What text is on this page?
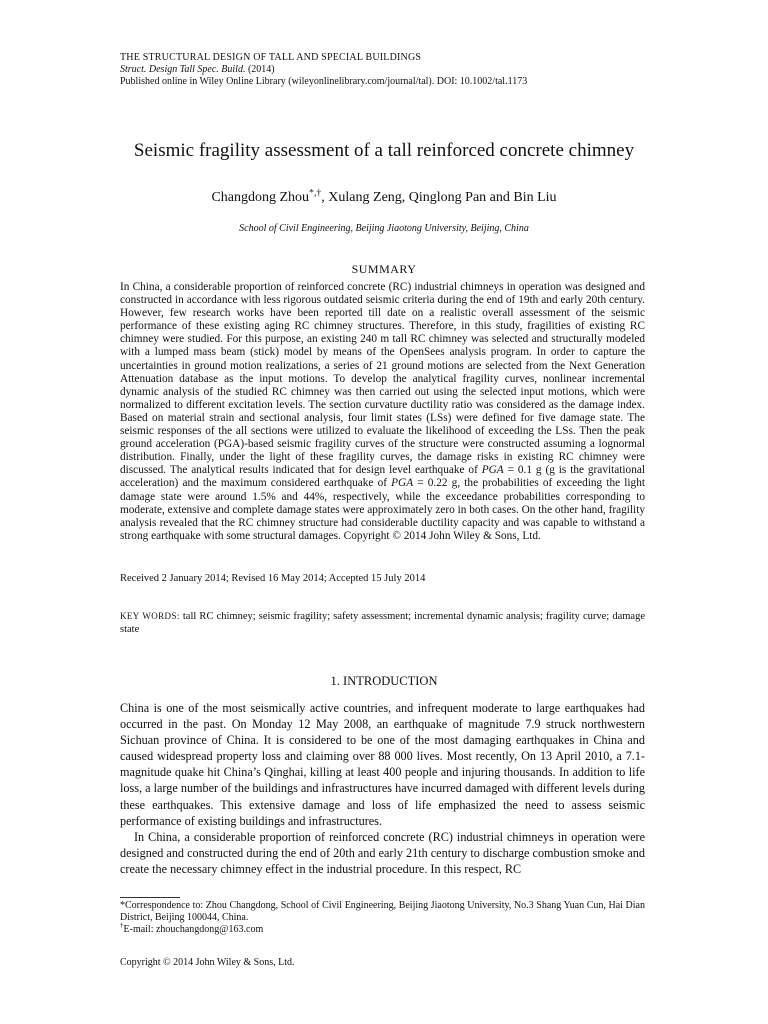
THE STRUCTURAL DESIGN OF TALL AND SPECIAL BUILDINGS
Struct. Design Tall Spec. Build. (2014)
Published online in Wiley Online Library (wileyonlinelibrary.com/journal/tal). DOI: 10.1002/tal.1173
Seismic fragility assessment of a tall reinforced concrete chimney
Changdong Zhou*,†, Xulang Zeng, Qinglong Pan and Bin Liu
School of Civil Engineering, Beijing Jiaotong University, Beijing, China
SUMMARY
In China, a considerable proportion of reinforced concrete (RC) industrial chimneys in operation was designed and constructed in accordance with less rigorous outdated seismic criteria during the end of 19th and early 20th century. However, few research works have been reported till date on a realistic overall assessment of the seismic performance of these existing aging RC chimney structures. Therefore, in this study, fragilities of existing RC chimney were studied. For this purpose, an existing 240 m tall RC chimney was selected and structurally modeled with a lumped mass beam (stick) model by means of the OpenSees analysis program. In order to capture the uncertainties in ground motion realizations, a series of 21 ground motions are selected from the Next Generation Attenuation database as the input motions. To develop the analytical fragility curves, nonlinear incremental dynamic analysis of the studied RC chimney was then carried out using the selected input motions, which were normalized to different excitation levels. The section curvature ductility ratio was considered as the damage index. Based on material strain and sectional analysis, four limit states (LSs) were defined for five damage state. The seismic responses of the all sections were utilized to evaluate the likelihood of exceeding the LSs. Then the peak ground acceleration (PGA)-based seismic fragility curves of the structure were constructed assuming a lognormal distribution. Finally, under the light of these fragility curves, the damage risks in existing RC chimney were discussed. The analytical results indicated that for design level earthquake of PGA = 0.1 g (g is the gravitational acceleration) and the maximum considered earthquake of PGA = 0.22 g, the probabilities of exceeding the light damage state were around 1.5% and 44%, respectively, while the exceedance probabilities corresponding to moderate, extensive and complete damage states were approximately zero in both cases. On the other hand, fragility analysis revealed that the RC chimney structure had considerable ductility capacity and was capable to withstand a strong earthquake with some structural damages. Copyright © 2014 John Wiley & Sons, Ltd.
Received 2 January 2014; Revised 16 May 2014; Accepted 15 July 2014
KEY WORDS: tall RC chimney; seismic fragility; safety assessment; incremental dynamic analysis; fragility curve; damage state
1. INTRODUCTION

China is one of the most seismically active countries, and infrequent moderate to large earthquakes had occurred in the past. On Monday 12 May 2008, an earthquake of magnitude 7.9 struck northwestern Sichuan province of China. It is considered to be one of the most damaging earthquakes in China and caused widespread property loss and claiming over 88 000 lives. Most recently, On 13 April 2010, a 7.1-magnitude quake hit China’s Qinghai, killing at least 400 people and injuring thousands. In addition to life loss, a large number of the buildings and infrastructures have incurred damaged with different levels during these earthquakes. This extensive damage and loss of life emphasized the need to assess seismic performance of existing buildings and infrastructures.

In China, a considerable proportion of reinforced concrete (RC) industrial chimneys in operation were designed and constructed during the end of 20th and early 21th century to discharge combustion smoke and create the necessary chimney effect in the industrial procedure. In this respect, RC

*Correspondence to: Zhou Changdong, School of Civil Engineering, Beijing Jiaotong University, No.3 Shang Yuan Cun, Hai Dian District, Beijing 100044, China.

†E-mail: zhouchangdong@163.com

Copyright © 2014 John Wiley & Sons, Ltd.
